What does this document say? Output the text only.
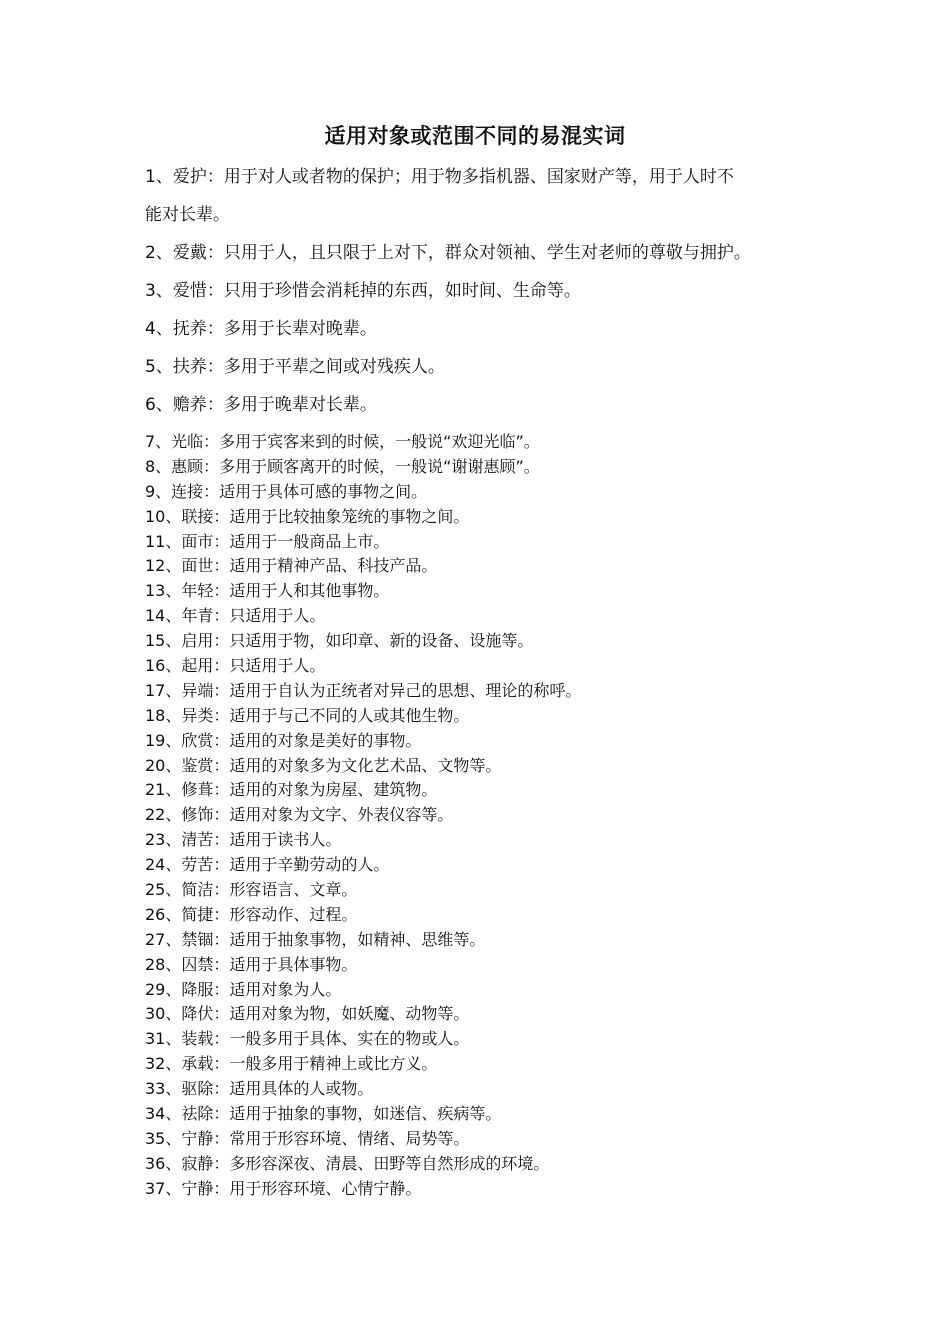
适用对象或范围不同的易混实词
1、爱护：用于对人或者物的保护；用于物多指机器、国家财产等，用于人时不
能对长辈。
2、爱戴：只用于人，且只限于上对下，群众对领袖、学生对老师的尊敬与拥护。
3、爱惜：只用于珍惜会消耗掉的东西，如时间、生命等。
4、抚养：多用于长辈对晚辈。
5、扶养：多用于平辈之间或对残疾人。
6、赡养：多用于晚辈对长辈。
7、光临：多用于宾客来到的时候，一般说“欢迎光临”。
8、惠顾：多用于顾客离开的时候，一般说“谢谢惠顾”。
9、连接：适用于具体可感的事物之间。
10、联接：适用于比较抽象笼统的事物之间。
11、面市：适用于一般商品上市。
12、面世：适用于精神产品、科技产品。
13、年轻：适用于人和其他事物。
14、年青：只适用于人。
15、启用：只适用于物，如印章、新的设备、设施等。
16、起用：只适用于人。
17、异端：适用于自认为正统者对异己的思想、理论的称呼。
18、异类：适用于与己不同的人或其他生物。
19、欣赏：适用的对象是美好的事物。
20、鉴赏：适用的对象多为文化艺术品、文物等。
21、修葺：适用的对象为房屋、建筑物。
22、修饰：适用对象为文字、外表仪容等。
23、清苦：适用于读书人。
24、劳苦：适用于辛勤劳动的人。
25、简洁：形容语言、文章。
26、简捷：形容动作、过程。
27、禁锢：适用于抽象事物，如精神、思维等。
28、囚禁：适用于具体事物。
29、降服：适用对象为人。
30、降伏：适用对象为物，如妖魔、动物等。
31、装载：一般多用于具体、实在的物或人。
32、承载：一般多用于精神上或比方义。
33、驱除：适用具体的人或物。
34、祛除：适用于抽象的事物，如迷信、疾病等。
35、宁静：常用于形容环境、情绪、局势等。
36、寂静：多形容深夜、清晨、田野等自然形成的环境。
37、宁静：用于形容环境、心情宁静。
